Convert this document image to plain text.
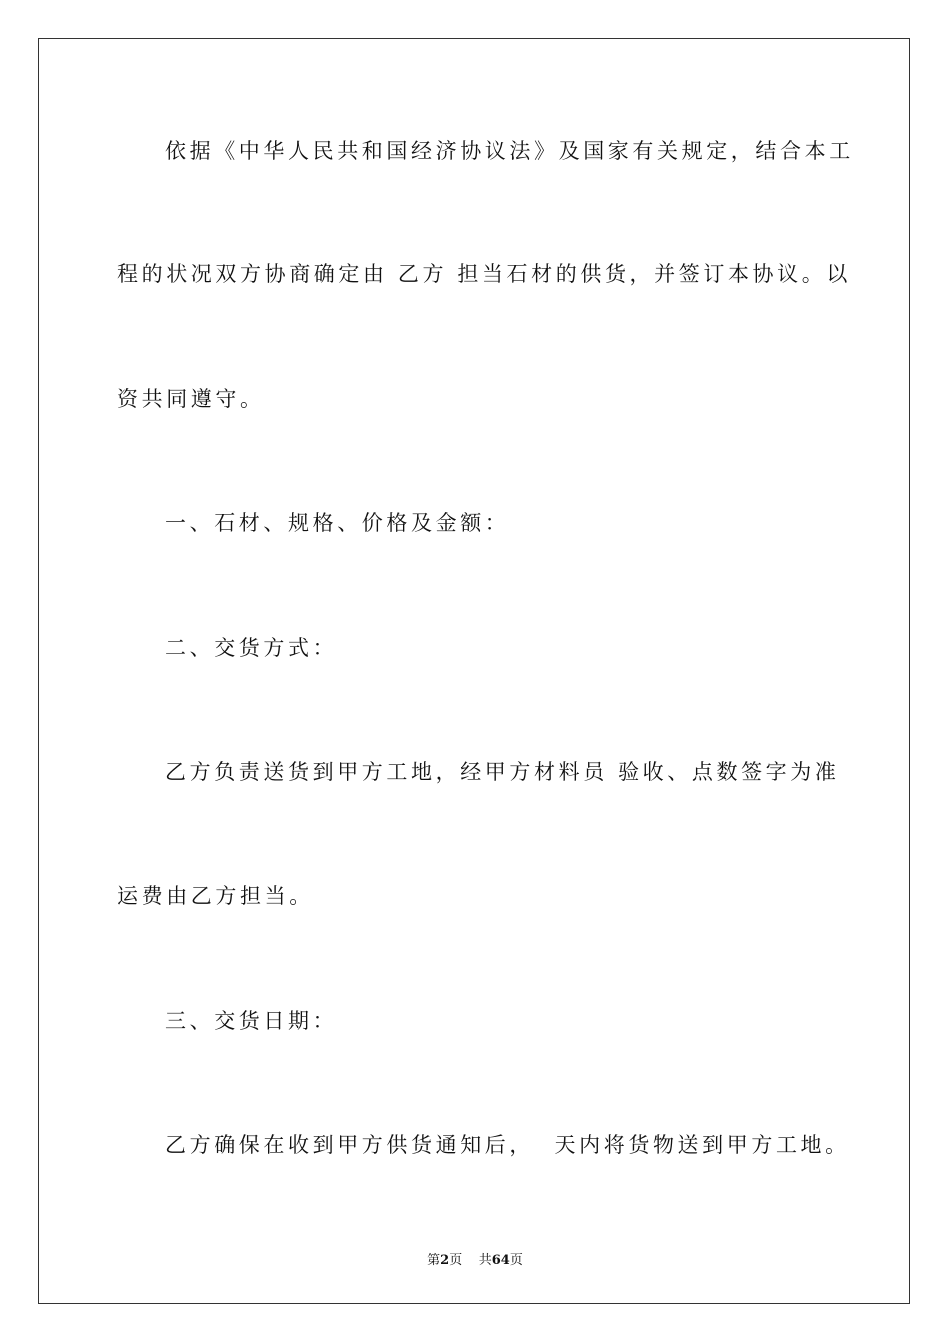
依据《中华人民共和国经济协议法》及国家有关规定，结合本工
程的状况双方协商确定由 乙方 担当石材的供货，并签订本协议。以
资共同遵守。
一、石材、规格、价格及金额：
二、交货方式：
乙方负责送货到甲方工地，经甲方材料员 验收、点数签字为准
运费由乙方担当。
三、交货日期：
乙方确保在收到甲方供货通知后，  天内将货物送到甲方工地。
第2页 共64页
